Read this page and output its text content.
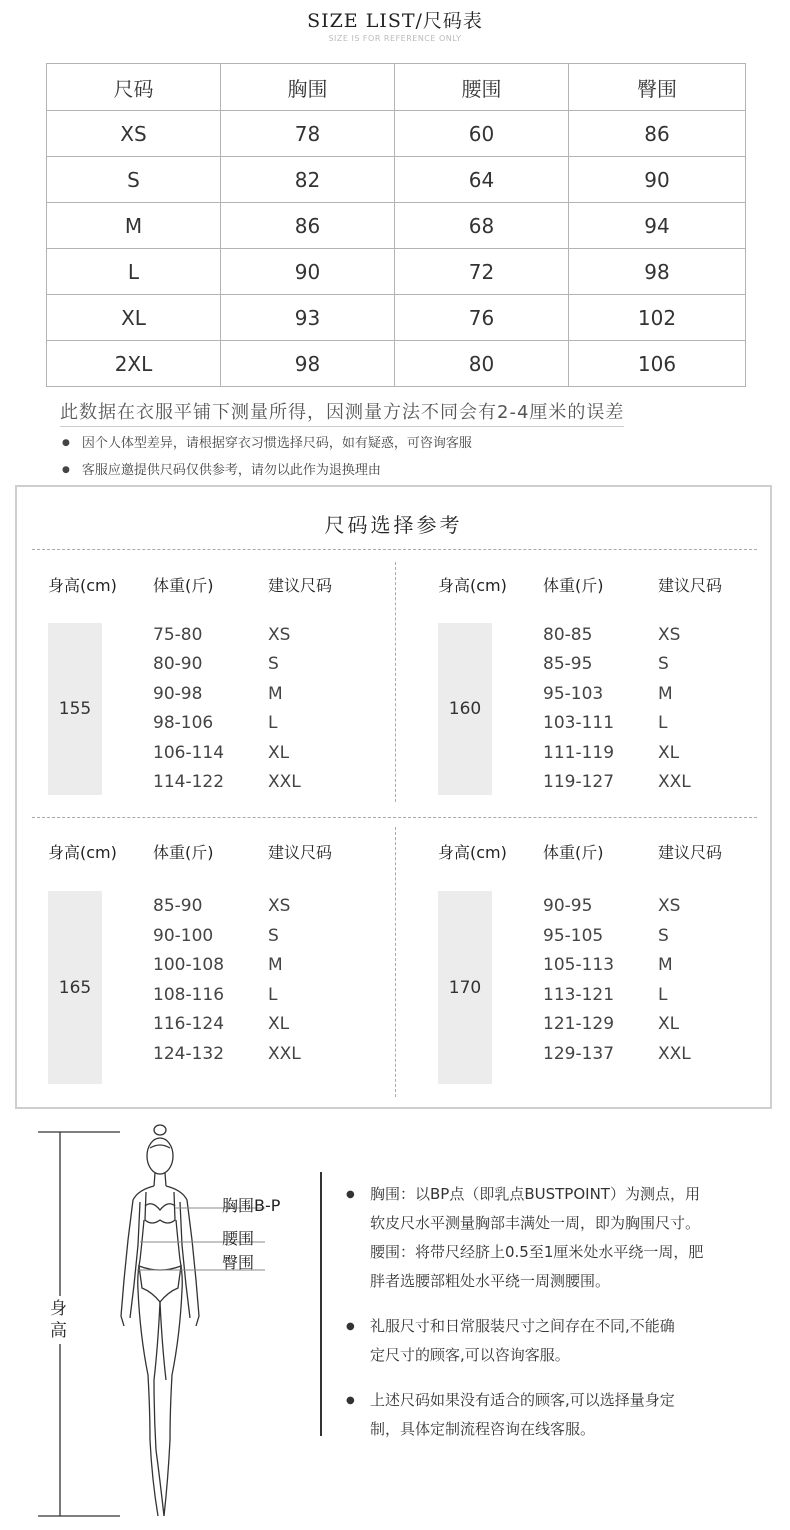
SIZE LIST/尺码表
SIZE IS FOR REFERENCE ONLY
尺码	胸围	腰围	臀围
XS	78	60	86
S	82	64	90
M	86	68	94
L	90	72	98
XL	93	76	102
2XL	98	80	106
此数据在衣服平铺下测量所得，因测量方法不同会有2-4厘米的误差
● 因个人体型差异，请根据穿衣习惯选择尺码，如有疑惑，可咨询客服
● 客服应邀提供尺码仅供参考，请勿以此作为退换理由
尺码选择参考
身高(cm) 体重(斤)	建议尺码
155
75-80	XS
80-90	S
90-98	M
98-106	L
106-114	XL
114-122	XXL
身高(cm) 体重(斤)	建议尺码
160
80-85	XS
85-95	S
95-103	M
103-111	L
111-119	XL
119-127	XXL
身高(cm) 体重(斤)	建议尺码
165
85-90	XS
90-100	S
100-108	M
108-116	L
116-124	XL
124-132	XXL
身高(cm) 体重(斤)	建议尺码
170
90-95	XS
95-105	S
105-113	M
113-121	L
121-129	XL
129-137	XXL
胸围B-P
腰围
臀围
身高
●	胸围：以BP点（即乳点BUSTPOINT）为测点，用
软皮尺水平测量胸部丰满处一周，即为胸围尺寸。
腰围：将带尺经脐上0.5至1厘米处水平绕一周，肥
胖者选腰部粗处水平绕一周测腰围。
●	礼服尺寸和日常服装尺寸之间存在不同,不能确
定尺寸的顾客,可以咨询客服。
●	上述尺码如果没有适合的顾客,可以选择量身定
制，具体定制流程咨询在线客服。
